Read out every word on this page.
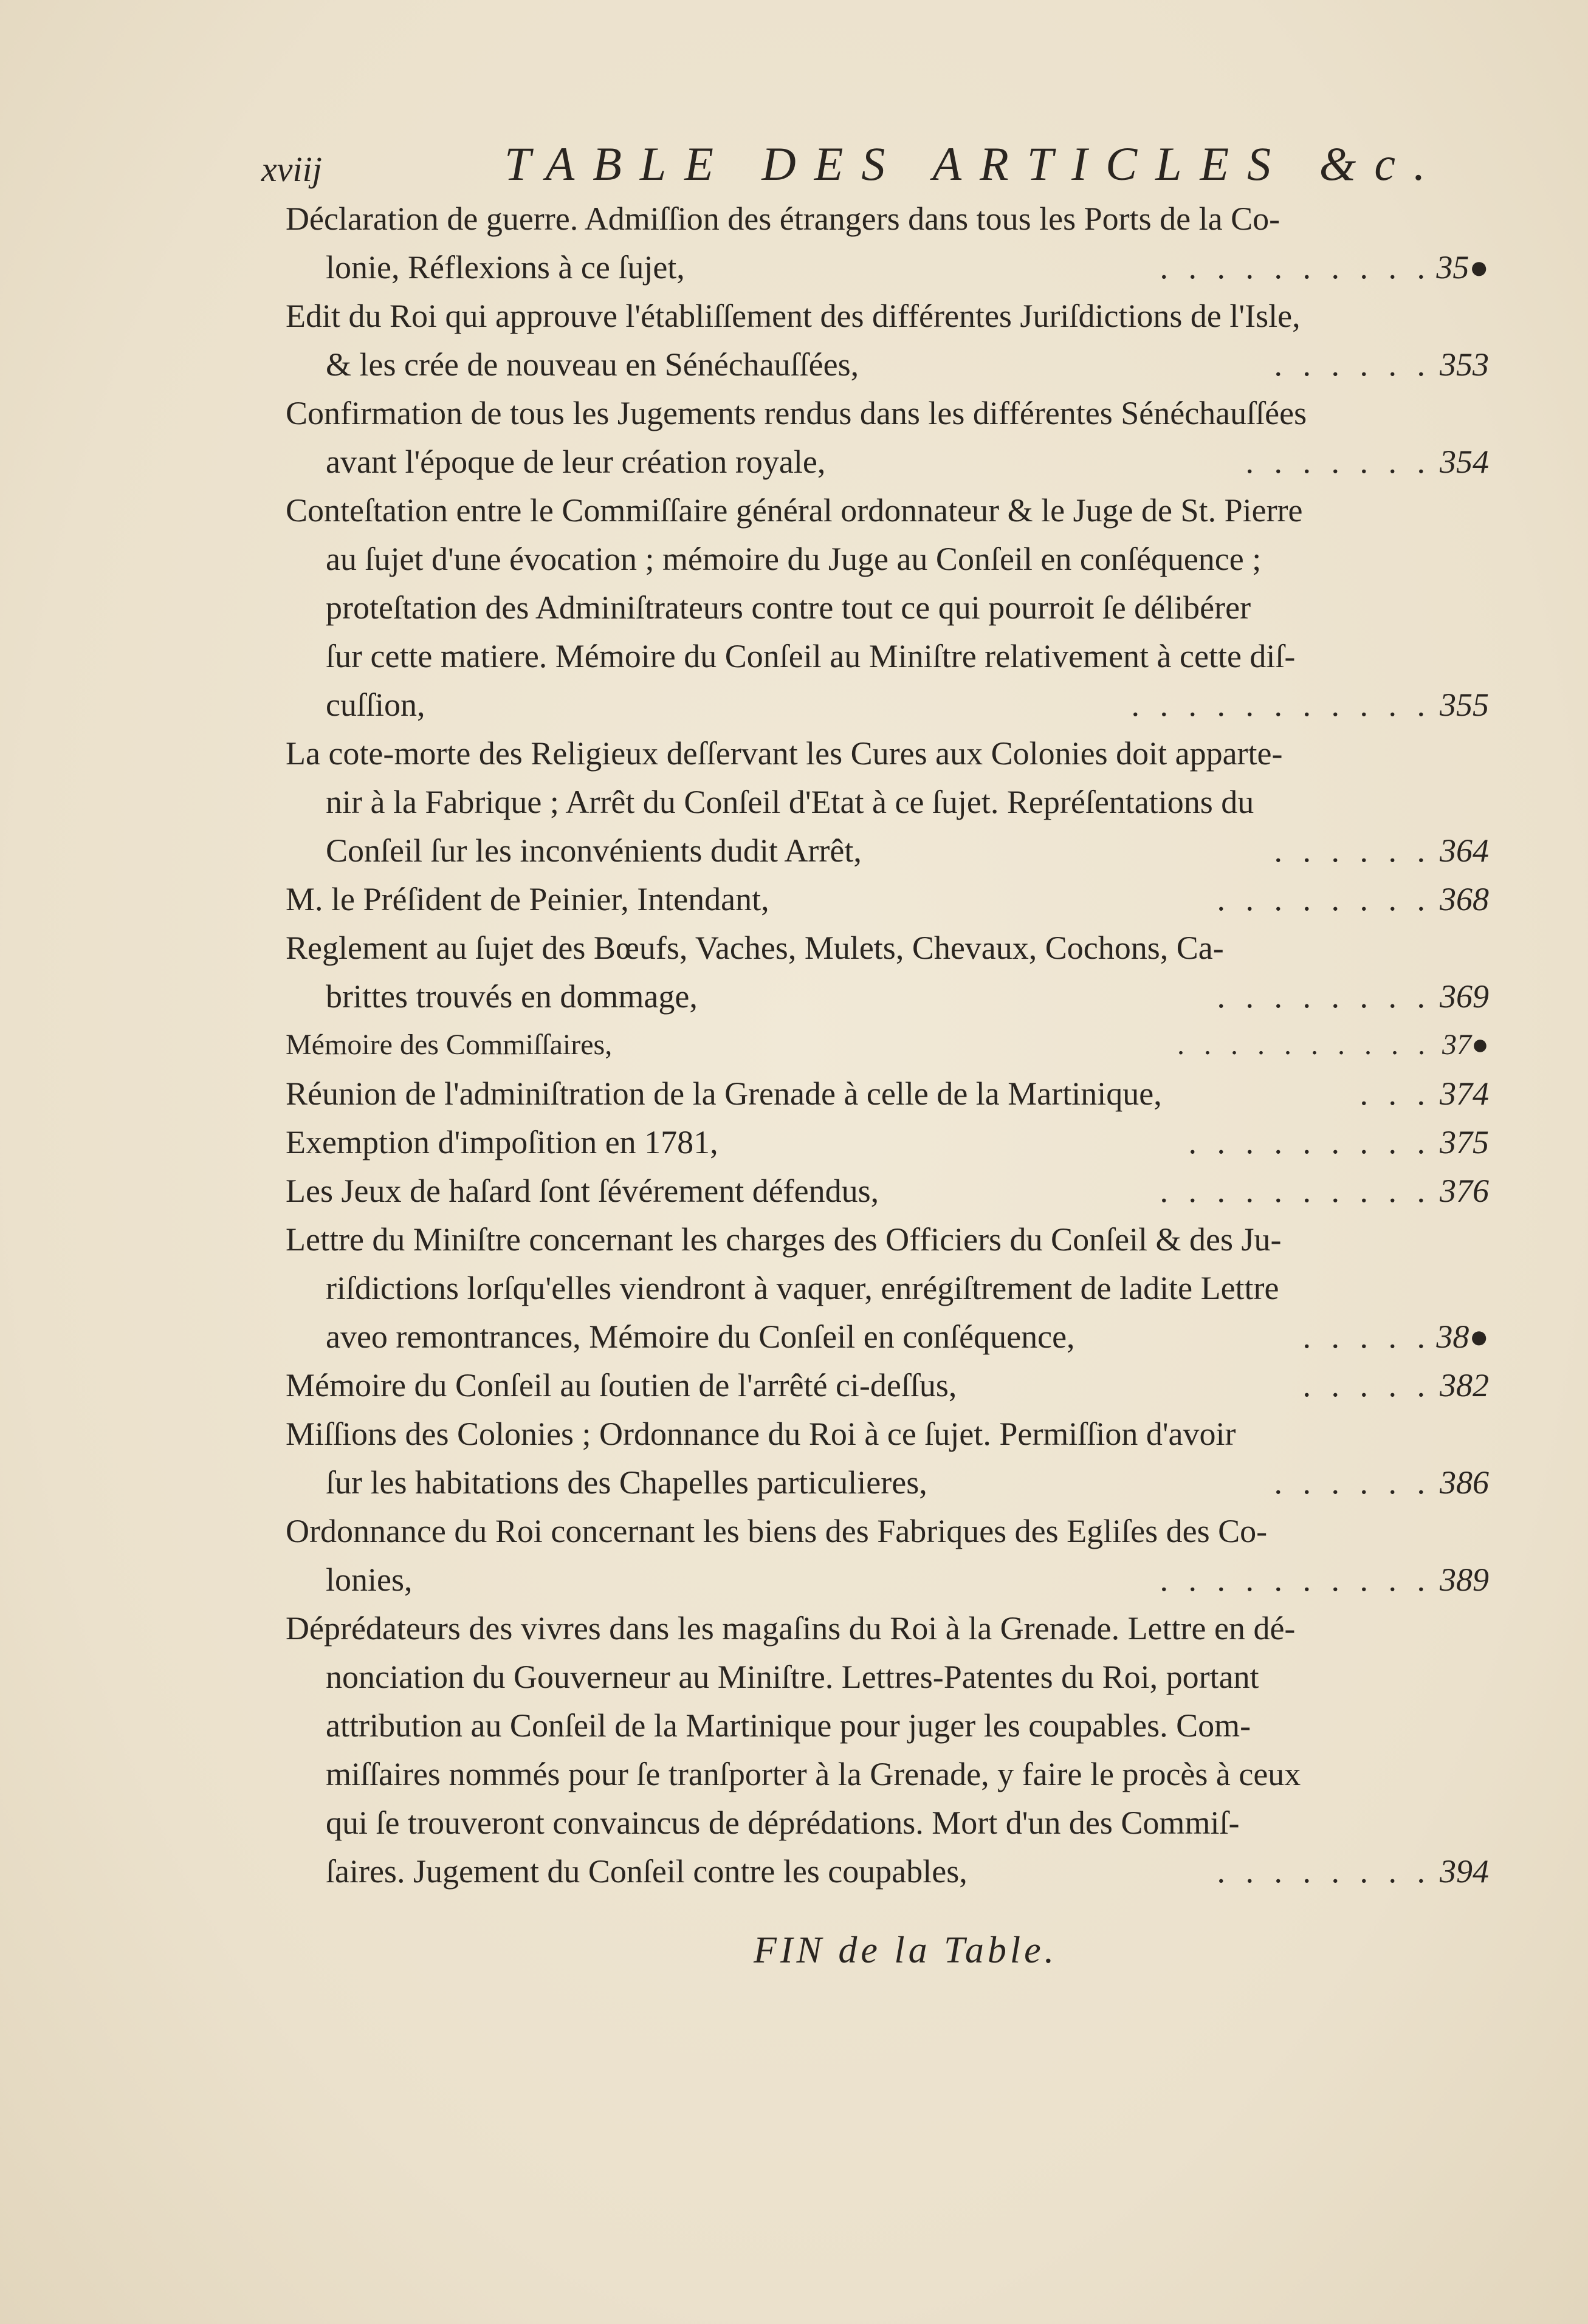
xviij	TABLE DES ARTICLES &c.
Déclaration de guerre. Admiſſion des étrangers dans tous les Ports de la Co-
lonie, Réflexions à ce ſujet,	. . . . . . . . . . 35●
Edit du Roi qui approuve l'établiſſement des différentes Juriſdictions de l'Isle,
& les crée de nouveau en Sénéchauſſées,	. . . . . . 353
Confirmation de tous les Jugements rendus dans les différentes Sénéchauſſées
avant l'époque de leur création royale,	. . . . . . . 354
Conteſtation entre le Commiſſaire général ordonnateur & le Juge de St. Pierre
au ſujet d'une évocation ; mémoire du Juge au Conſeil en conſéquence ;
proteſtation des Adminiſtrateurs contre tout ce qui pourroit ſe délibérer
ſur cette matiere. Mémoire du Conſeil au Miniſtre relativement à cette diſ-
cuſſion,	. . . . . . . . . . . 355
La cote-morte des Religieux deſſervant les Cures aux Colonies doit apparte-
nir à la Fabrique ; Arrêt du Conſeil d'Etat à ce ſujet. Repréſentations du
Conſeil ſur les inconvénients dudit Arrêt,	. . . . . . 364
M. le Préſident de Peinier, Intendant,	. . . . . . . . 368
Reglement au ſujet des Bœufs, Vaches, Mulets, Chevaux, Cochons, Ca-
brittes trouvés en dommage,	. . . . . . . . 369
Mémoire des Commiſſaires,	. . . . . . . . . . 37●
Réunion de l'adminiſtration de la Grenade à celle de la Martinique,	. . . 374
Exemption d'impoſition en 1781,	. . . . . . . . . 375
Les Jeux de haſard ſont ſévérement défendus,	. . . . . . . . . . 376
Lettre du Miniſtre concernant les charges des Officiers du Conſeil & des Ju-
riſdictions lorſqu'elles viendront à vaquer, enrégiſtrement de ladite Lettre
aveo remontrances, Mémoire du Conſeil en conſéquence,	. . . . . 38●
Mémoire du Conſeil au ſoutien de l'arrêté ci-deſſus,	. . . . . 382
Miſſions des Colonies ; Ordonnance du Roi à ce ſujet. Permiſſion d'avoir
ſur les habitations des Chapelles particulieres,	. . . . . . 386
Ordonnance du Roi concernant les biens des Fabriques des Egliſes des Co-
lonies,	. . . . . . . . . . 389
Déprédateurs des vivres dans les magaſins du Roi à la Grenade. Lettre en dé-
nonciation du Gouverneur au Miniſtre. Lettres-Patentes du Roi, portant
attribution au Conſeil de la Martinique pour juger les coupables. Com-
miſſaires nommés pour ſe tranſporter à la Grenade, y faire le procès à ceux
qui ſe trouveront convaincus de déprédations. Mort d'un des Commiſ-
ſaires. Jugement du Conſeil contre les coupables,	. . . . . . . . 394
FIN de la Table.
